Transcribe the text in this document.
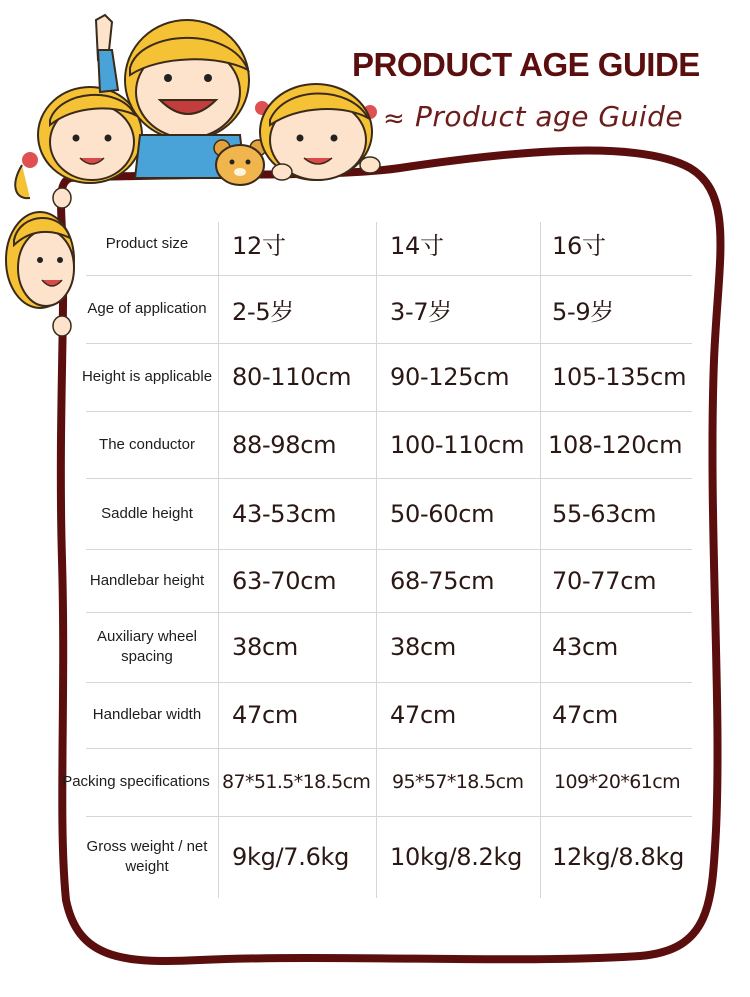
PRODUCT AGE GUIDE
≈ Product age Guide
Product size	12寸	14寸	16寸
Age of application	2-5岁	3-7岁	5-9岁
Height is applicable 80-110cm 90-125cm 105-135cm
The conductor	88-98cm 100-110cm 108-120cm
Saddle height	43-53cm 50-60cm 55-63cm
Handlebar height	63-70cm 68-75cm 70-77cm
Auxiliary wheel spacing	38cm	38cm	43cm
Handlebar width	47cm	47cm	47cm
Packing specifications 87*51.5*18.5cm 95*57*18.5cm 109*20*61cm
Gross weight / net weight	9kg/7.6kg 10kg/8.2kg 12kg/8.8kg
